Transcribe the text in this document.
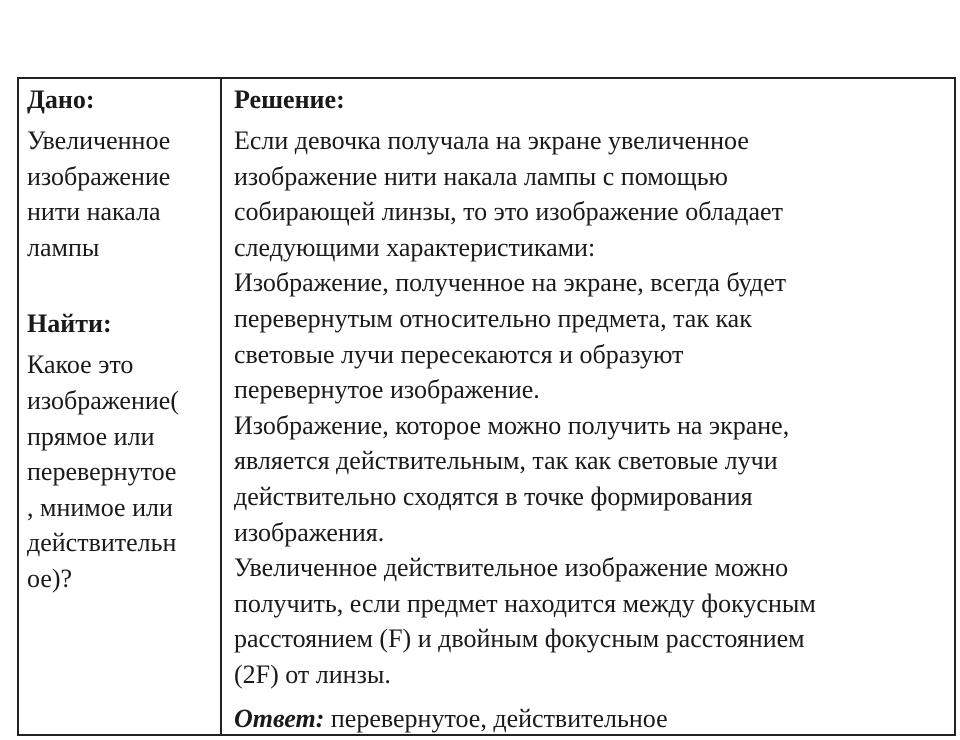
Дано:

Увеличенное

изображение

нити накала

лампы

Найти:

Какое это

изображение(

прямое или

перевернутое

, мнимое или

действительн

ое)?

Решение:

Если девочка получала на экране увеличенное

изображение нити накала лампы с помощью

собирающей линзы, то это изображение обладает

следующими характеристиками:

Изображение, полученное на экране, всегда будет

перевернутым относительно предмета, так как

световые лучи пересекаются и образуют

перевернутое изображение.

Изображение, которое можно получить на экране,

является действительным, так как световые лучи

действительно сходятся в точке формирования

изображения.

Увеличенное действительное изображение можно

получить, если предмет находится между фокусным

расстоянием (F) и двойным фокусным расстоянием

(2F) от линзы.

Ответ: перевернутое, действительное
